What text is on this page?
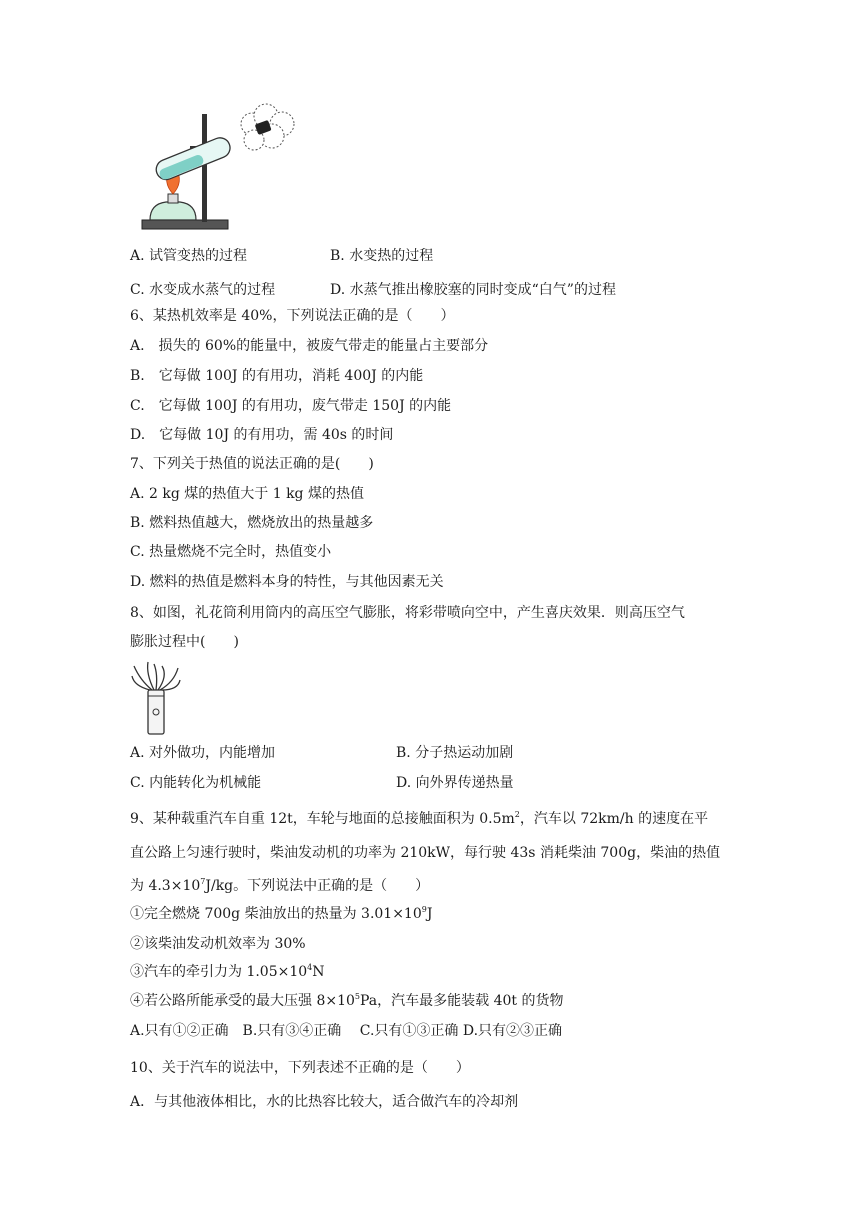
A. 试管变热的过程	B. 水变热的过程
C. 水变成水蒸气的过程	D. 水蒸气推出橡胶塞的同时变成“白气”的过程
6、某热机效率是 40%，下列说法正确的是（　　）
A.　损失的 60%的能量中，被废气带走的能量占主要部分
B.　它每做 100J 的有用功，消耗 400J 的内能
C.　它每做 100J 的有用功，废气带走 150J 的内能
D.　它每做 10J 的有用功，需 40s 的时间
7、下列关于热值的说法正确的是(　　)
A. 2 kg 煤的热值大于 1 kg 煤的热值
B. 燃料热值越大，燃烧放出的热量越多
C. 热量燃烧不完全时，热值变小
D. 燃料的热值是燃料本身的特性，与其他因素无关
8、如图，礼花筒利用筒内的高压空气膨胀，将彩带喷向空中，产生喜庆效果．则高压空气
膨胀过程中(　　)
A. 对外做功，内能增加	B. 分子热运动加剧
C. 内能转化为机械能	D. 向外界传递热量
9、某种载重汽车自重 12t，车轮与地面的总接触面积为 $0.5m^2$，汽车以 72km/h 的速度在平
直公路上匀速行驶时，柴油发动机的功率为 210kW，每行驶 43s 消耗柴油 700g，柴油的热值
为 $4.3\times 10^7J/kg$。下列说法中正确的是（　　）
①完全燃烧 700g 柴油放出的热量为 $3.01\times 10^9J$
②该柴油发动机效率为 30%
③汽车的牵引力为 $1.05\times 10^4N$
④若公路所能承受的最大压强 $8\times 10^5Pa$，汽车最多能装载 40t 的货物
A.只有①②正确　B.只有③④正确　 C.只有①③正确 D.只有②③正确
10、关于汽车的说法中，下列表述不正确的是（　　）
A．与其他液体相比，水的比热容比较大，适合做汽车的冷却剂
